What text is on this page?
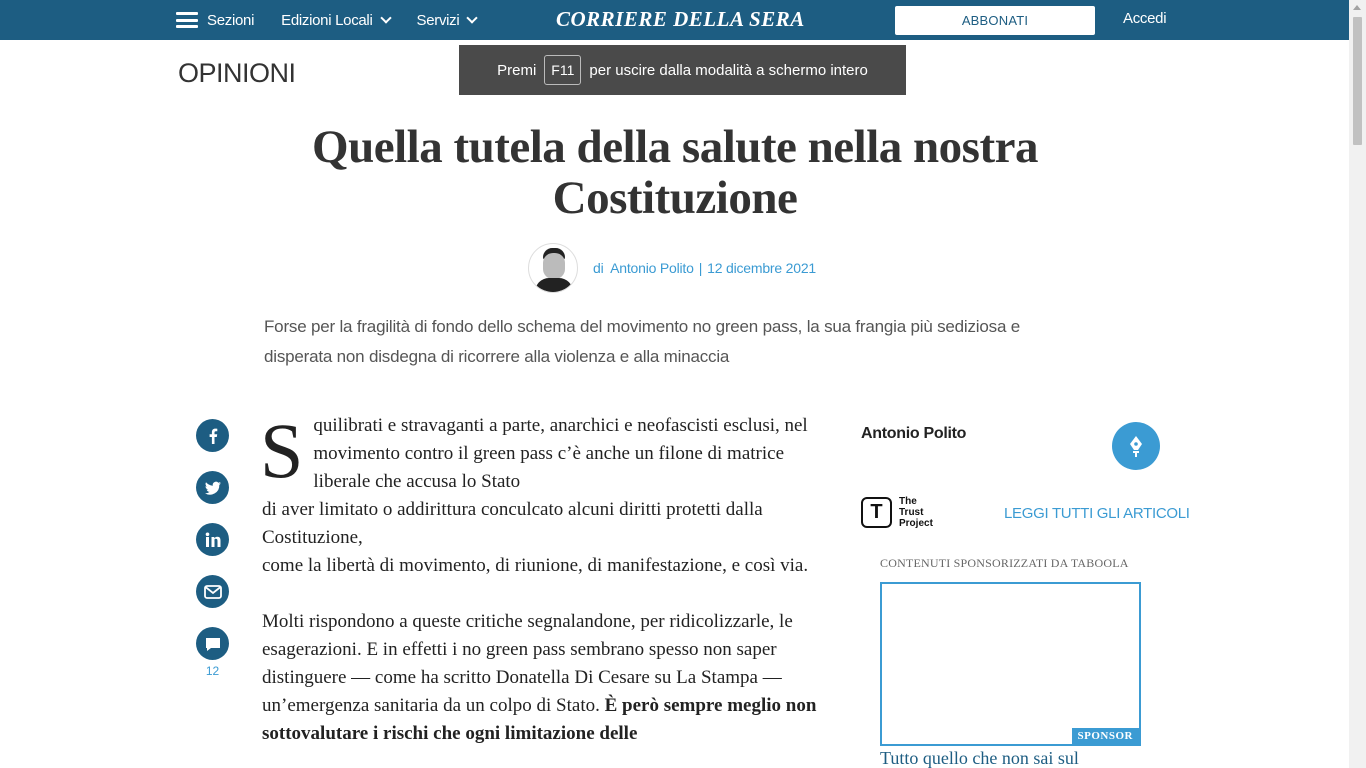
Sezioni Edizioni Locali	Servizi	CORRIERE DELLA SERA	ABBONATI	Accedi
OPINIONI	Premi	F11	per uscire dalla modalità a schermo intero
Quella tutela della salute nella nostra Costituzione
di Antonio Polito | 12 dicembre 2021

Forse per la fragilità di fondo dello schema del movimento no green pass, la sua frangia più sediziosa e disperata non disdegna di ricorrere alla violenza e alla minaccia

12
S quilibrati e stravaganti a parte, anarchici e neofascisti esclusi, nel movimento contro il green pass c’è anche un filone di matrice liberale che accusa lo Stato
di aver limitato o addirittura conculcato alcuni diritti protetti dalla Costituzione,
come la libertà di movimento, di riunione, di manifestazione, e così via.

Molti rispondono a queste critiche segnalandone, per ridicolizzarle, le esagerazioni. E in effetti i no green pass sembrano spesso non saper distinguere — come ha scritto Donatella Di Cesare su La Stampa — un’emergenza sanitaria da un colpo di Stato. È però sempre meglio non sottovalutare i rischi che ogni limitazione delle

Antonio Polito
T	The Trust Project
LEGGI TUTTI GLI ARTICOLI
CONTENUTI SPONSORIZZATI DA TABOOLA
SPONSOR
Tutto quello che non sai sul
